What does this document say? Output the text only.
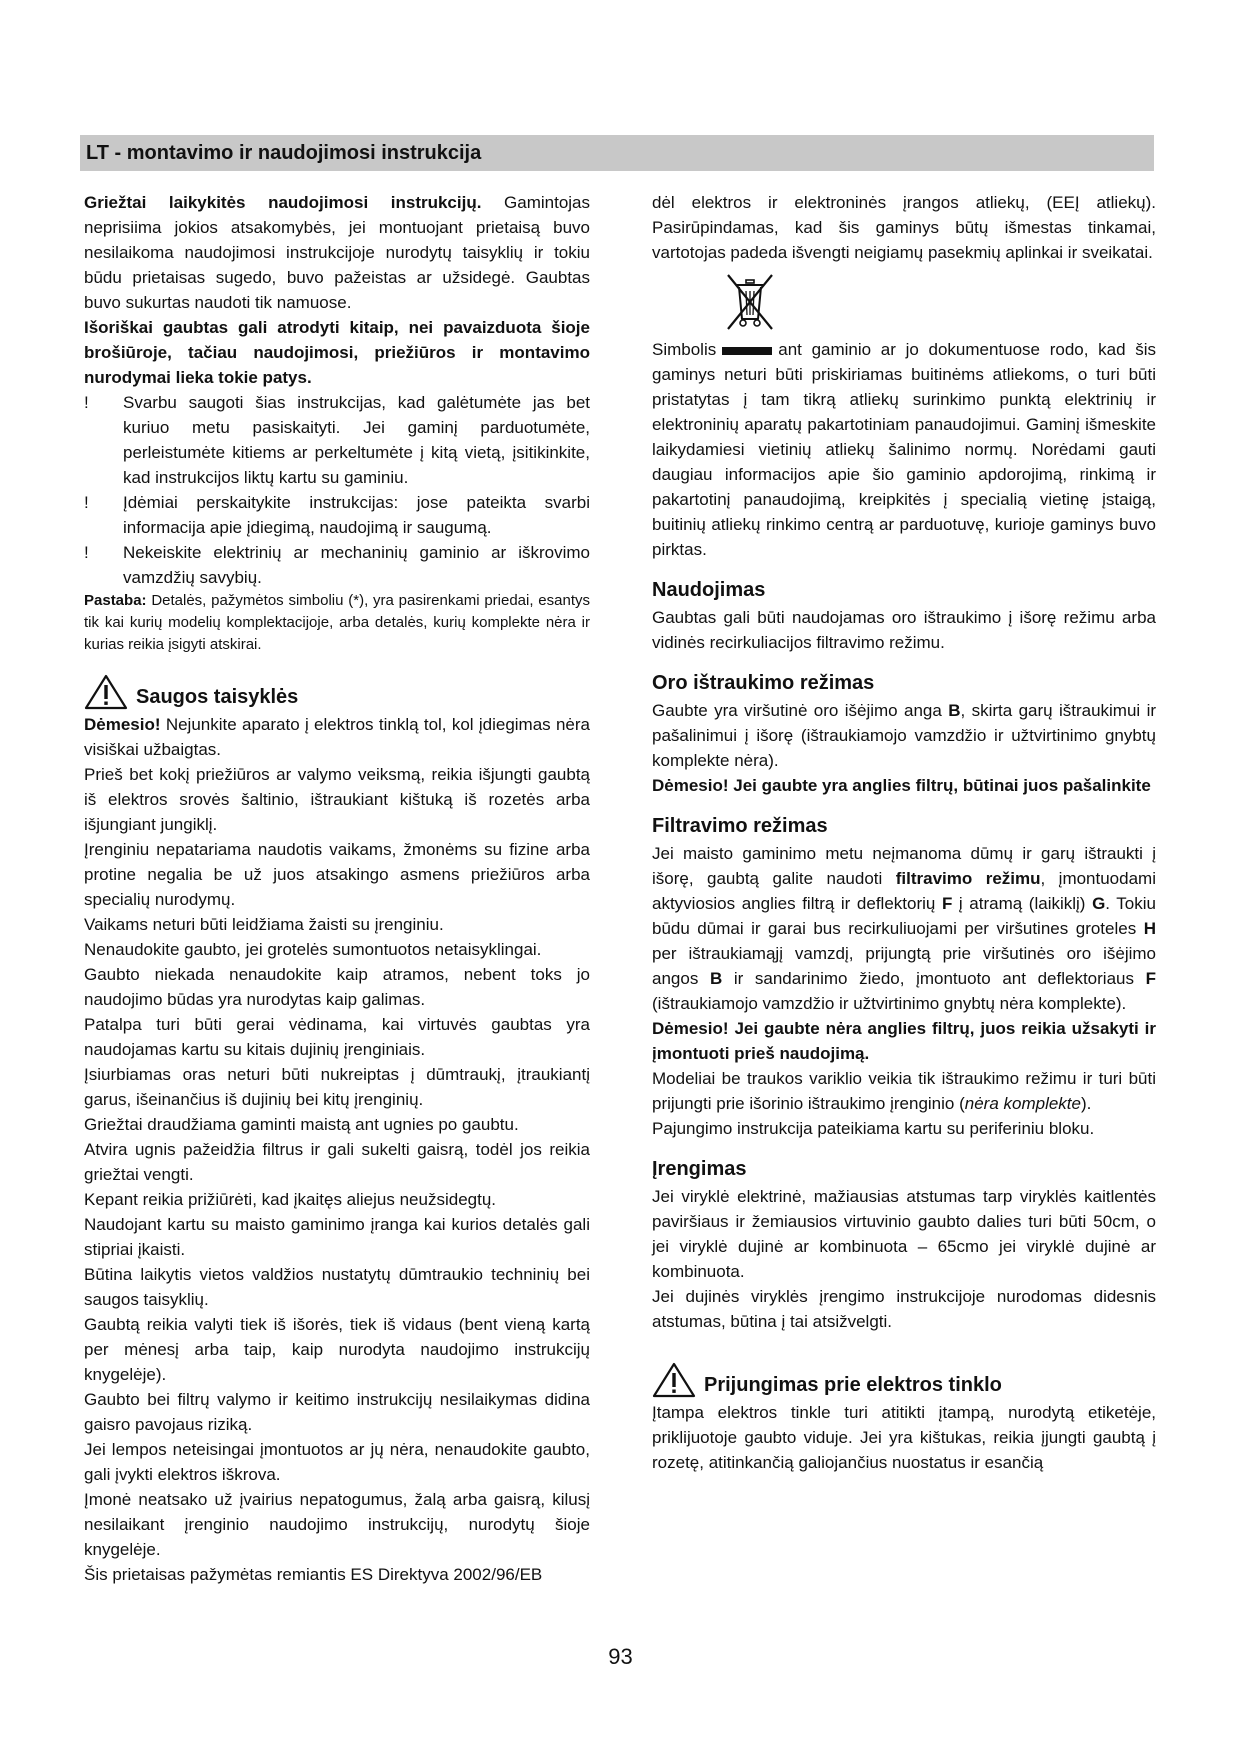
LT - montavimo ir naudojimosi instrukcija

Griežtai laikykitės naudojimosi instrukcijų. Gamintojas neprisiima jokios atsakomybės, jei montuojant prietaisą buvo nesilaikoma naudojimosi instrukcijoje nurodytų taisyklių ir tokiu būdu prietaisas sugedo, buvo pažeistas ar užsidegė. Gaubtas buvo sukurtas naudoti tik namuose.

Išoriškai gaubtas gali atrodyti kitaip, nei pavaizduota šioje brošiūroje, tačiau naudojimosi, priežiūros ir montavimo nurodymai lieka tokie patys.

!	Svarbu saugoti šias instrukcijas, kad galėtumėte jas bet kuriuo metu pasiskaityti. Jei gaminį parduotumėte, perleistumėte kitiems ar perkeltumėte į kitą vietą, įsitikinkite, kad instrukcijos liktų kartu su gaminiu.
!	Įdėmiai perskaitykite instrukcijas: jose pateikta svarbi informacija apie įdiegimą, naudojimą ir saugumą.
!	Nekeiskite elektrinių ar mechaninių gaminio ar iškrovimo vamzdžių savybių.

Pastaba: Detalės, pažymėtos simboliu (*), yra pasirenkami priedai, esantys tik kai kurių modelių komplektacijoje, arba detalės, kurių komplekte nėra ir kurias reikia įsigyti atskirai.

Saugos taisyklės

Dėmesio! Nejunkite aparato į elektros tinklą tol, kol įdiegimas nėra visiškai užbaigtas.

Prieš bet kokį priežiūros ar valymo veiksmą, reikia išjungti gaubtą iš elektros srovės šaltinio, ištraukiant kištuką iš rozetės arba išjungiant jungiklį.

Įrenginiu nepatariama naudotis vaikams, žmonėms su fizine arba protine negalia be už juos atsakingo asmens priežiūros arba specialių nurodymų.

Vaikams neturi būti leidžiama žaisti su įrenginiu.

Nenaudokite gaubto, jei grotelės sumontuotos netaisyklingai.

Gaubto niekada nenaudokite kaip atramos, nebent toks jo naudojimo būdas yra nurodytas kaip galimas.

Patalpa turi būti gerai vėdinama, kai virtuvės gaubtas yra naudojamas kartu su kitais dujinių įrenginiais.

Įsiurbiamas oras neturi būti nukreiptas į dūmtraukį, įtraukiantį garus, išeinančius iš dujinių bei kitų įrenginių.

Griežtai draudžiama gaminti maistą ant ugnies po gaubtu.

Atvira ugnis pažeidžia filtrus ir gali sukelti gaisrą, todėl jos reikia griežtai vengti.

Kepant reikia prižiūrėti, kad įkaitęs aliejus neužsidegtų.

Naudojant kartu su maisto gaminimo įranga kai kurios detalės gali stipriai įkaisti.

Būtina laikytis vietos valdžios nustatytų dūmtraukio techninių bei saugos taisyklių.

Gaubtą reikia valyti tiek iš išorės, tiek iš vidaus (bent vieną kartą per mėnesį arba taip, kaip nurodyta naudojimo instrukcijų knygelėje).

Gaubto bei filtrų valymo ir keitimo instrukcijų nesilaikymas didina gaisro pavojaus riziką.

Jei lempos neteisingai įmontuotos ar jų nėra, nenaudokite gaubto, gali įvykti elektros iškrova.

Įmonė neatsako už įvairius nepatogumus, žalą arba gaisrą, kilusį nesilaikant įrenginio naudojimo instrukcijų, nurodytų šioje knygelėje.

Šis prietaisas pažymėtas remiantis ES Direktyva 2002/96/EB

dėl elektros ir elektroninės įrangos atliekų, (EEĮ atliekų). Pasirūpindamas, kad šis gaminys būtų išmestas tinkamai, vartotojas padeda išvengti neigiamų pasekmių aplinkai ir sveikatai.

Simbolis	ant gaminio ar jo dokumentuose rodo, kad šis gaminys neturi būti priskiriamas buitinėms atliekoms, o turi būti pristatytas į tam tikrą atliekų surinkimo punktą elektrinių ir elektroninių aparatų pakartotiniam panaudojimui. Gaminį išmeskite laikydamiesi vietinių atliekų šalinimo normų. Norėdami gauti daugiau informacijos apie šio gaminio apdorojimą, rinkimą ir pakartotinį panaudojimą, kreipkitės į specialią vietinę įstaigą, buitinių atliekų rinkimo centrą ar parduotuvę, kurioje gaminys buvo pirktas.

Naudojimas

Gaubtas gali būti naudojamas oro ištraukimo į išorę režimu arba vidinės recirkuliacijos filtravimo režimu.

Oro ištraukimo režimas

Gaubte yra viršutinė oro išėjimo anga B, skirta garų ištraukimui ir pašalinimui į išorę (ištraukiamojo vamzdžio ir užtvirtinimo gnybtų komplekte nėra).

Dėmesio! Jei gaubte yra anglies filtrų, būtinai juos pašalinkite

Filtravimo režimas

Jei maisto gaminimo metu neįmanoma dūmų ir garų ištraukti į išorę, gaubtą galite naudoti filtravimo režimu, įmontuodami aktyviosios anglies filtrą ir deflektorių F į atramą (laikiklį) G. Tokiu būdu dūmai ir garai bus recirkuliuojami per viršutines groteles H per ištraukiamąjį vamzdį, prijungtą prie viršutinės oro išėjimo angos B ir sandarinimo žiedo, įmontuoto ant deflektoriaus F (ištraukiamojo vamzdžio ir užtvirtinimo gnybtų nėra komplekte).

Dėmesio! Jei gaubte nėra anglies filtrų, juos reikia užsakyti ir įmontuoti prieš naudojimą.

Modeliai be traukos variklio veikia tik ištraukimo režimu ir turi būti prijungti prie išorinio ištraukimo įrenginio (nėra komplekte).

Pajungimo instrukcija pateikiama kartu su periferiniu bloku.

Įrengimas

Jei viryklė elektrinė, mažiausias atstumas tarp viryklės kaitlentės paviršiaus ir žemiausios virtuvinio gaubto dalies turi būti 50cm, o jei viryklė dujinė ar kombinuota – 65cmo jei viryklė dujinė ar kombinuota.

Jei dujinės viryklės įrengimo instrukcijoje nurodomas didesnis atstumas, būtina į tai atsižvelgti.

Prijungimas prie elektros tinklo

Įtampa elektros tinkle turi atitikti įtampą, nurodytą etiketėje, priklijuotoje gaubto viduje. Jei yra kištukas, reikia įjungti gaubtą į rozetę, atitinkančią galiojančius nuostatus ir esančią

93
